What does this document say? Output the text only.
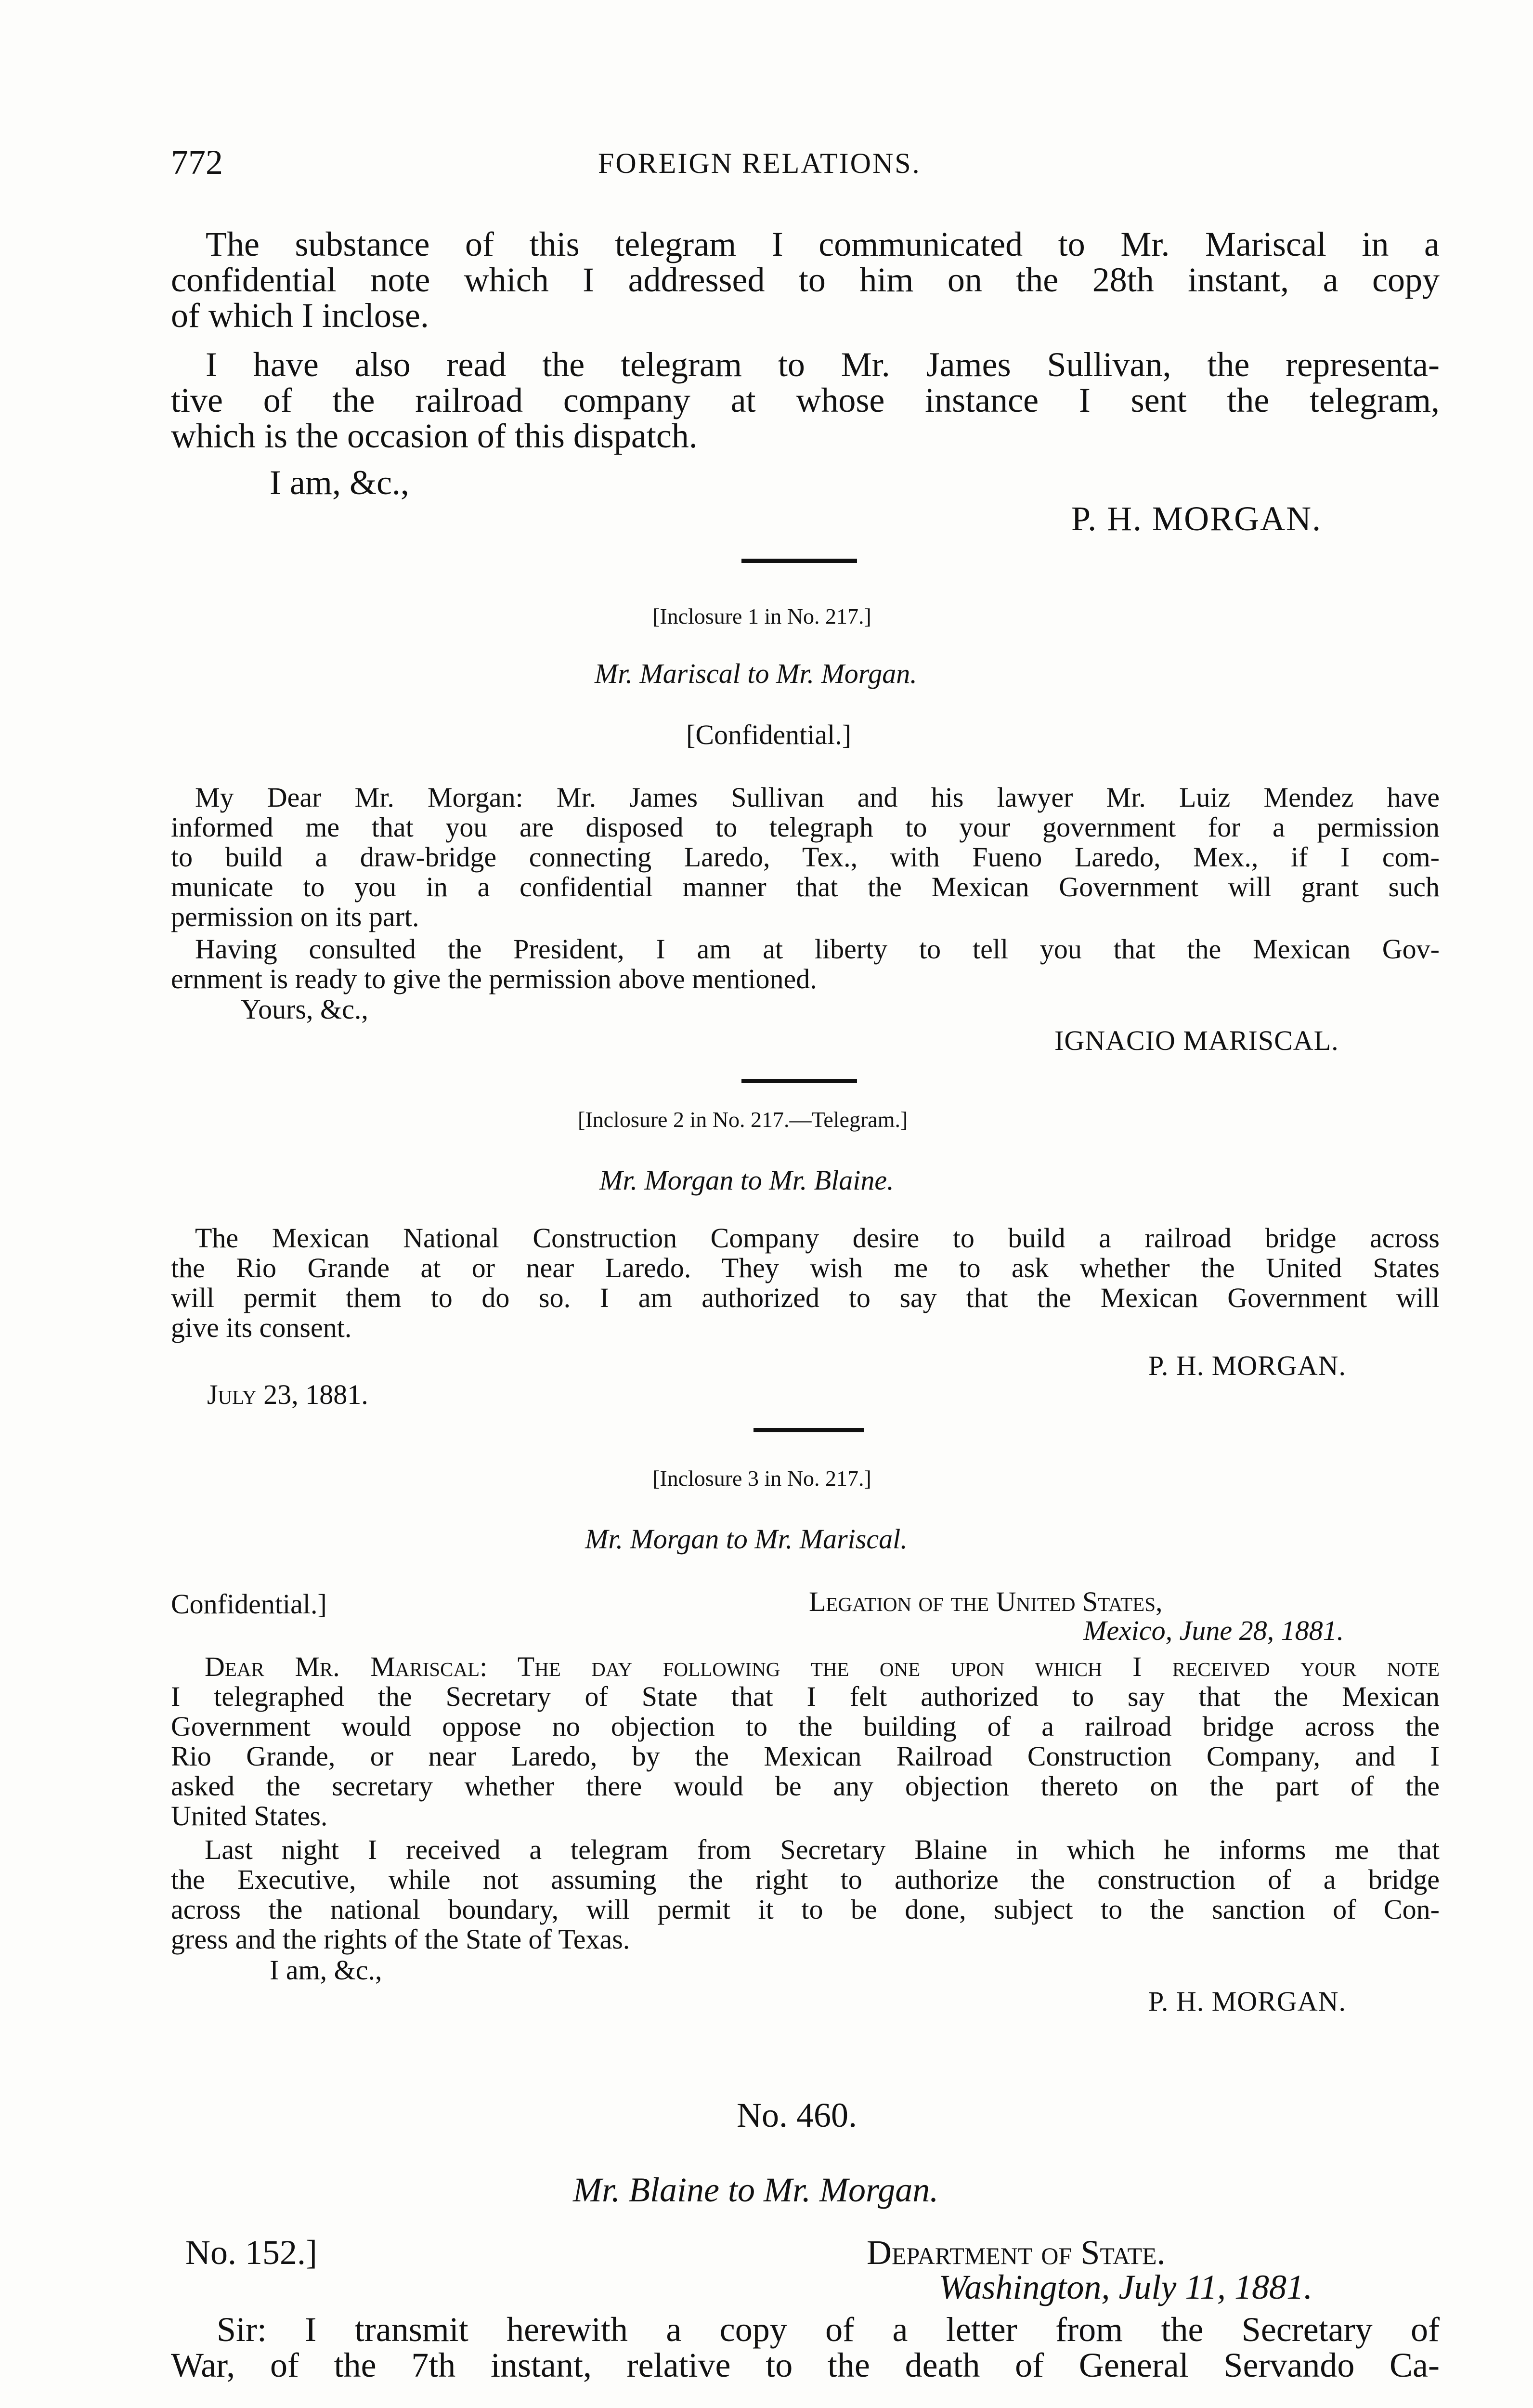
772	FOREIGN RELATIONS.
The substance of this telegram I communicated to Mr. Mariscal in a
confidential note which I addressed to him on the 28th instant, a copy
of which I inclose.
I have also read the telegram to Mr. James Sullivan, the representa-
tive of the railroad company at whose instance I sent the telegram,
which is the occasion of this dispatch.
I am, &c.,
P. H. MORGAN.
[Inclosure 1 in No. 217.]
Mr. Mariscal to Mr. Morgan.
[Confidential.]
My Dear Mr. Morgan: Mr. James Sullivan and his lawyer Mr. Luiz Mendez have
informed me that you are disposed to telegraph to your government for a permission
to build a draw-bridge connecting Laredo, Tex., with Fueno Laredo, Mex., if I com-
municate to you in a confidential manner that the Mexican Government will grant such
permission on its part.
Having consulted the President, I am at liberty to tell you that the Mexican Gov-
ernment is ready to give the permission above mentioned.
Yours, &c.,
IGNACIO MARISCAL.
[Inclosure 2 in No. 217.—Telegram.]
Mr. Morgan to Mr. Blaine.
The Mexican National Construction Company desire to build a railroad bridge across
the Rio Grande at or near Laredo. They wish me to ask whether the United States
will permit them to do so. I am authorized to say that the Mexican Government will
give its consent.
P. H. MORGAN.
July 23, 1881.
[Inclosure 3 in No. 217.]
Mr. Morgan to Mr. Mariscal.
Confidential.]	Legation of the United States,
Mexico, June 28, 1881.
Dear Mr. Mariscal: The day following the one upon which I received your note
I telegraphed the Secretary of State that I felt authorized to say that the Mexican
Government would oppose no objection to the building of a railroad bridge across the
Rio Grande, or near Laredo, by the Mexican Railroad Construction Company, and I
asked the secretary whether there would be any objection thereto on the part of the
United States.
Last night I received a telegram from Secretary Blaine in which he informs me that
the Executive, while not assuming the right to authorize the construction of a bridge
across the national boundary, will permit it to be done, subject to the sanction of Con-
gress and the rights of the State of Texas.
I am, &c.,
P. H. MORGAN.
No. 460.
Mr. Blaine to Mr. Morgan.
No. 152.]	Department of State.
Washington, July 11, 1881.
Sir: I transmit herewith a copy of a letter from the Secretary of
War, of the 7th instant, relative to the death of General Servando Ca-
